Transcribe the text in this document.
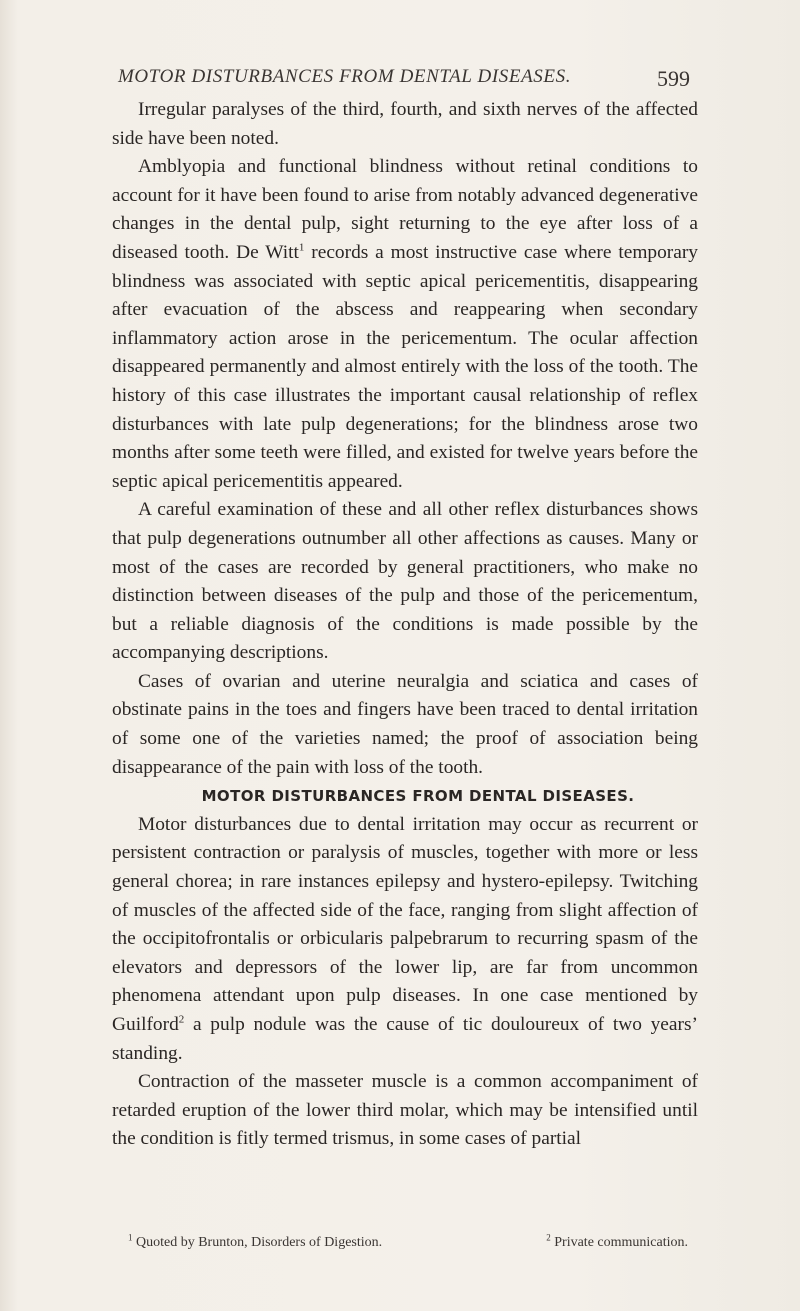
MOTOR DISTURBANCES FROM DENTAL DISEASES.	599

Irregular paralyses of the third, fourth, and sixth nerves of the affected side have been noted.

Amblyopia and functional blindness without retinal conditions to account for it have been found to arise from notably advanced degenerative changes in the dental pulp, sight returning to the eye after loss of a diseased tooth. De Witt$^1$ records a most instructive case where temporary blindness was associated with septic apical pericementitis, disappearing after evacuation of the abscess and reappearing when secondary inflammatory action arose in the pericementum. The ocular affection disappeared permanently and almost entirely with the loss of the tooth. The history of this case illustrates the important causal relationship of reflex disturbances with late pulp degenerations; for the blindness arose two months after some teeth were filled, and existed for twelve years before the septic apical pericementitis appeared.

A careful examination of these and all other reflex disturbances shows that pulp degenerations outnumber all other affections as causes. Many or most of the cases are recorded by general practitioners, who make no distinction between diseases of the pulp and those of the pericementum, but a reliable diagnosis of the conditions is made possible by the accompanying descriptions.

Cases of ovarian and uterine neuralgia and sciatica and cases of obstinate pains in the toes and fingers have been traced to dental irritation of some one of the varieties named; the proof of association being disappearance of the pain with loss of the tooth.

MOTOR DISTURBANCES FROM DENTAL DISEASES.

Motor disturbances due to dental irritation may occur as recurrent or persistent contraction or paralysis of muscles, together with more or less general chorea; in rare instances epilepsy and hystero-epilepsy. Twitching of muscles of the affected side of the face, ranging from slight affection of the occipitofrontalis or orbicularis palpebrarum to recurring spasm of the elevators and depressors of the lower lip, are far from uncommon phenomena attendant upon pulp diseases. In one case mentioned by Guilford$^2$ a pulp nodule was the cause of tic douloureux of two years’ standing.

Contraction of the masseter muscle is a common accompaniment of retarded eruption of the lower third molar, which may be intensified until the condition is fitly termed trismus, in some cases of partial

$^1$ Quoted by Brunton, Disorders of Digestion.	$^2$ Private communication.
